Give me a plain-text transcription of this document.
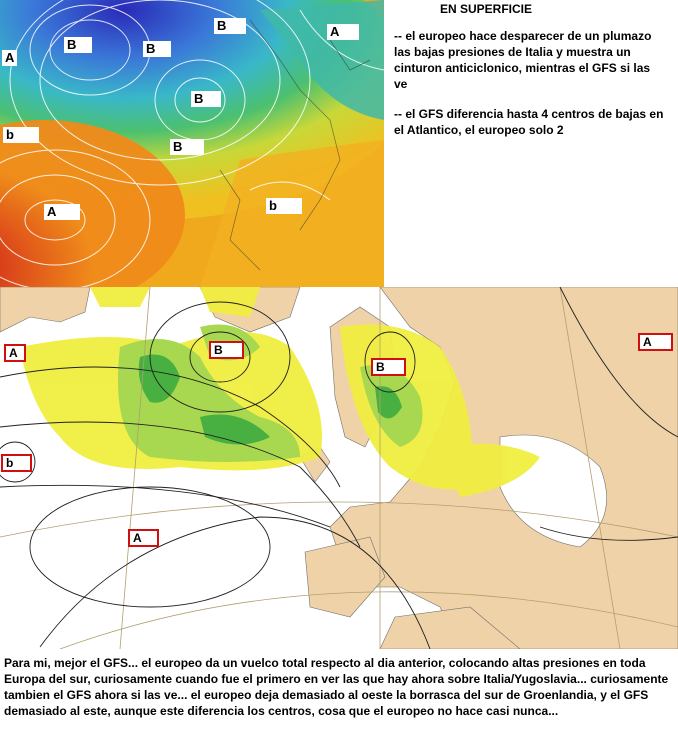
A
B	B
B	A
B
b
B
A	b
EN SUPERFICIE
-- el europeo hace desparecer de un plumazo las bajas presiones de Italia y muestra un cinturon anticiclonico, mientras el GFS si las ve
-- el GFS diferencia hasta 4 centros de bajas en el Atlantico, el europeo solo 2
A	B
B
A
b
A
Para mi, mejor el GFS... el europeo da un vuelco total respecto al dia anterior, colocando altas presiones en toda Europa del sur, curiosamente cuando fue el primero en ver las que hay ahora sobre Italia/Yugoslavia... curiosamente tambien el GFS ahora si las ve... el europeo deja demasiado al oeste la borrasca del sur de Groenlandia, y el GFS demasiado al este, aunque este diferencia los centros, cosa que el europeo no hace casi nunca...
